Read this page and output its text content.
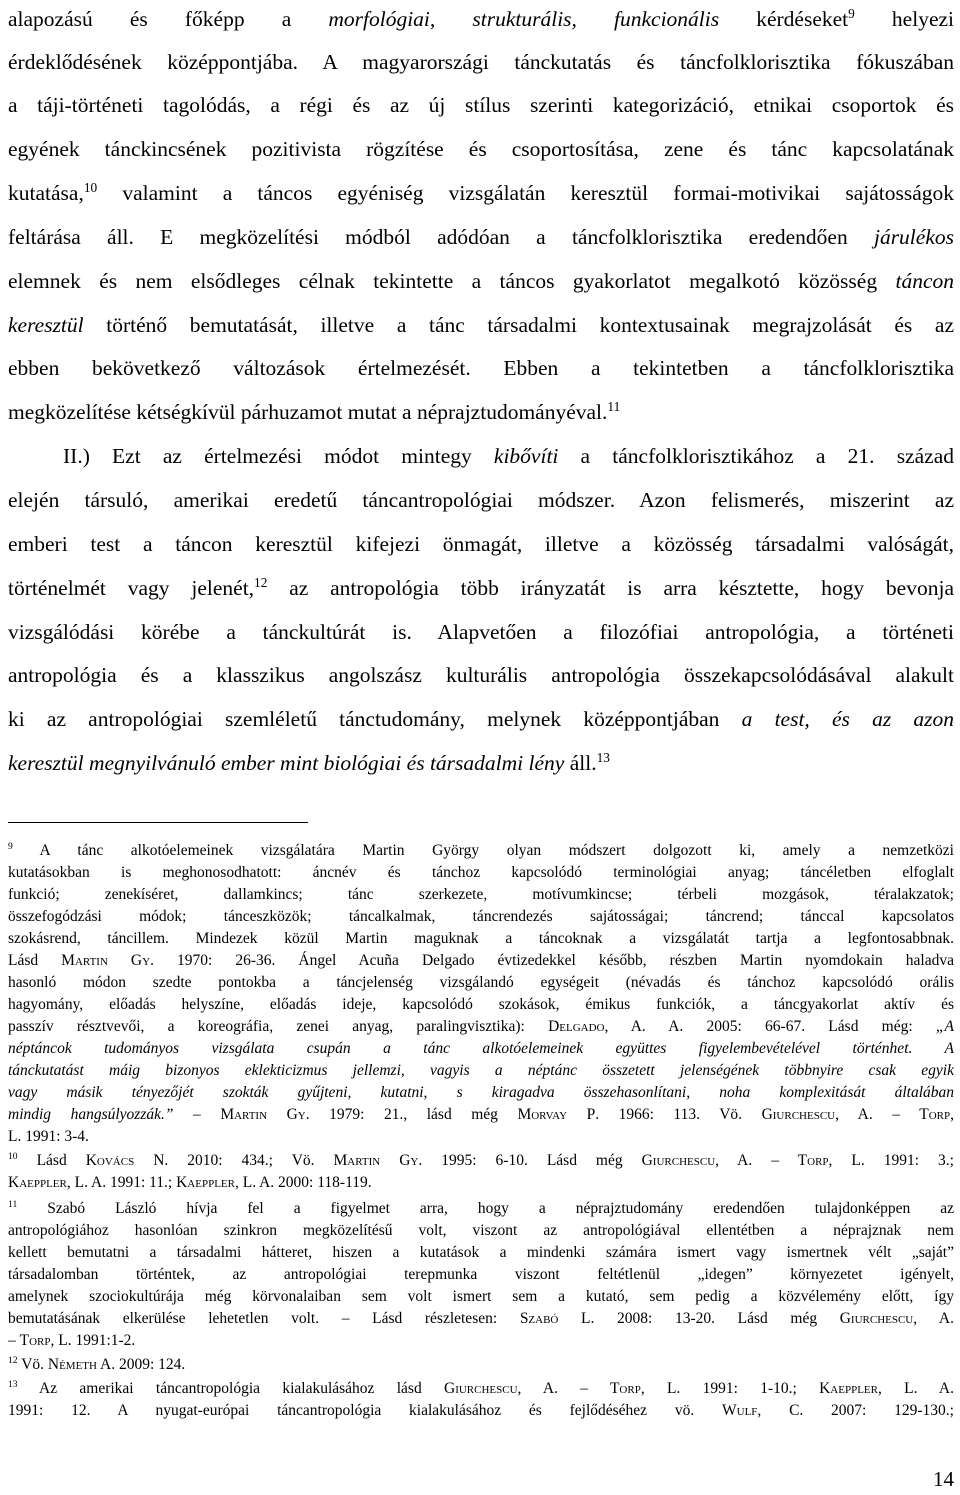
alapozású és főképp a morfológiai, strukturális, funkcionális kérdéseket$^9$ helyezi
érdeklődésének középpontjába. A magyarországi tánckutatás és táncfolklorisztika fókuszában
a táji-történeti tagolódás, a régi és az új stílus szerinti kategorizáció, etnikai csoportok és
egyének tánckincsének pozitivista rögzítése és csoportosítása, zene és tánc kapcsolatának
kutatása,$^{10}$ valamint a táncos egyéniség vizsgálatán keresztül formai-motivikai sajátosságok
feltárása áll. E megközelítési módból adódóan a táncfolklorisztika eredendően járulékos
elemnek és nem elsődleges célnak tekintette a táncos gyakorlatot megalkotó közösség táncon
keresztül történő bemutatását, illetve a tánc társadalmi kontextusainak megrajzolását és az
ebben bekövetkező változások értelmezését. Ebben a tekintetben a táncfolklorisztika
megközelítése kétségkívül párhuzamot mutat a néprajztudományéval.$^{11}$
II.) Ezt az értelmezési módot mintegy kibővíti a táncfolklorisztikához a 21. század
elején társuló, amerikai eredetű táncantropológiai módszer. Azon felismerés, miszerint az
emberi test a táncon keresztül kifejezi önmagát, illetve a közösség társadalmi valóságát,
történelmét vagy jelenét,$^{12}$ az antropológia több irányzatát is arra késztette, hogy bevonja
vizsgálódási körébe a tánckultúrát is. Alapvetően a filozófiai antropológia, a történeti
antropológia és a klasszikus angolszász kulturális antropológia összekapcsolódásával alakult
ki az antropológiai szemléletű tánctudomány, melynek középpontjában a test, és az azon
keresztül megnyilvánuló ember mint biológiai és társadalmi lény áll.$^{13}$
$^9$ A tánc alkotóelemeinek vizsgálatára Martin György olyan módszert dolgozott ki, amely a nemzetközi
kutatásokban is meghonosodhatott: áncnév és tánchoz kapcsolódó terminológiai anyag; táncéletben elfoglalt
funkció; zenekíséret, dallamkincs; tánc szerkezete, motívumkincse; térbeli mozgások, téralakzatok;
összefogódzási módok; tánceszközök; táncalkalmak, táncrendezés sajátosságai; táncrend; tánccal kapcsolatos
szokásrend, táncillem. Mindezek közül Martin maguknak a táncoknak a vizsgálatát tartja a legfontosabbnak.
Lásd Martin Gy. 1970: 26-36. Ángel Acuña Delgado évtizedekkel később, részben Martin nyomdokain haladva
hasonló módon szedte pontokba a táncjelenség vizsgálandó egységeit (névadás és tánchoz kapcsolódó orális
hagyomány, előadás helyszíne, előadás ideje, kapcsolódó szokások, émikus funkciók, a táncgyakorlat aktív és
passzív résztvevői, a koreográfia, zenei anyag, paralingvisztika): Delgado, A. A. 2005: 66-67. Lásd még: „A
néptáncok tudományos vizsgálata csupán a tánc alkotóelemeinek együttes figyelembevételével történhet. A
tánckutatást máig bizonyos eklekticizmus jellemzi, vagyis a néptánc összetett jelenségének többnyire csak egyik
vagy másik tényezőjét szokták gyűjteni, kutatni, s kiragadva összehasonlítani, noha komplexitását általában
mindig hangsúlyozzák.” – Martin Gy. 1979: 21., lásd még Morvay P. 1966: 113. Vö. Giurchescu, A. – Torp,
L. 1991: 3-4.
$^{10}$ Lásd Kovács N. 2010: 434.; Vö. Martin Gy. 1995: 6-10. Lásd még Giurchescu, A. – Torp, L. 1991: 3.;
Kaeppler, L. A. 1991: 11.; Kaeppler, L. A. 2000: 118-119.
$^{11}$ Szabó László hívja fel a figyelmet arra, hogy a néprajztudomány eredendően tulajdonképpen az
antropológiához hasonlóan szinkron megközelítésű volt, viszont az antropológiával ellentétben a néprajznak nem
kellett bemutatni a társadalmi hátteret, hiszen a kutatások a mindenki számára ismert vagy ismertnek vélt „saját”
társadalomban történtek, az antropológiai terepmunka viszont feltétlenül „idegen” környezetet igényelt,
amelynek szociokultúrája még körvonalaiban sem volt ismert sem a kutató, sem pedig a közvélemény előtt, így
bemutatásának elkerülése lehetetlen volt. – Lásd részletesen: Szabó L. 2008: 13-20. Lásd még Giurchescu, A.
– Torp, L. 1991:1-2.
$^{12}$ Vö. Németh A. 2009: 124.
$^{13}$ Az amerikai táncantropológia kialakulásához lásd Giurchescu, A. – Torp, L. 1991: 1-10.; Kaeppler, L. A.
1991: 12. A nyugat-európai táncantropológia kialakulásához és fejlődéséhez vö. Wulf, C. 2007: 129-130.;
14
